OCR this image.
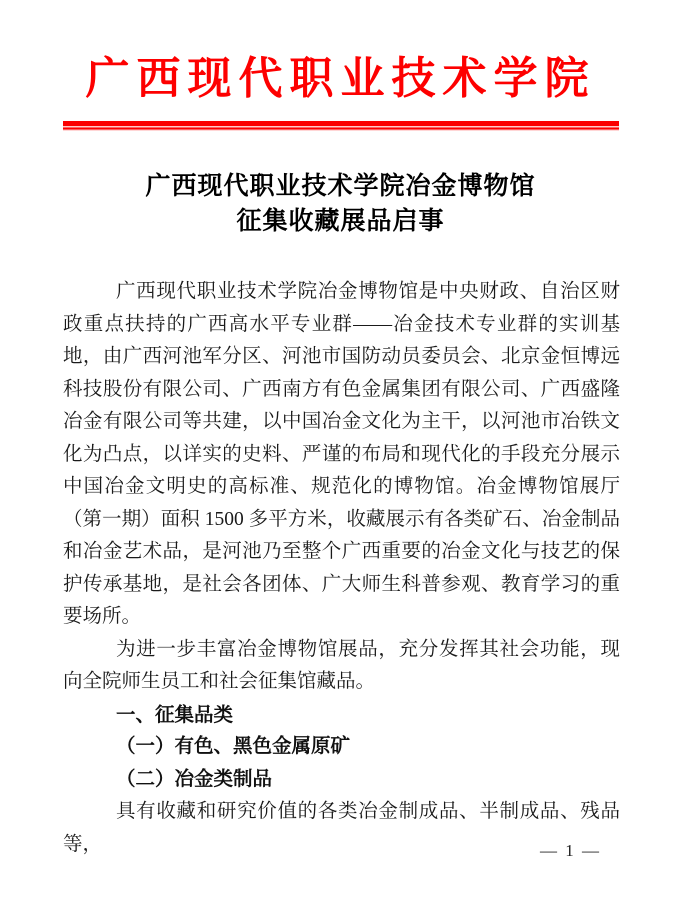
广西现代职业技术学院
广西现代职业技术学院冶金博物馆
征集收藏展品启事

广西现代职业技术学院冶金博物馆是中央财政、自治区财政重点扶持的广西高水平专业群——冶金技术专业群的实训基地，由广西河池军分区、河池市国防动员委员会、北京金恒博远科技股份有限公司、广西南方有色金属集团有限公司、广西盛隆冶金有限公司等共建，以中国冶金文化为主干，以河池市冶铁文化为凸点，以详实的史料、严谨的布局和现代化的手段充分展示中国冶金文明史的高标准、规范化的博物馆。冶金博物馆展厅（第一期）面积 1500 多平方米，收藏展示有各类矿石、冶金制品和冶金艺术品，是河池乃至整个广西重要的冶金文化与技艺的保护传承基地，是社会各团体、广大师生科普参观、教育学习的重要场所。

为进一步丰富冶金博物馆展品，充分发挥其社会功能，现向全院师生员工和社会征集馆藏品。

一、征集品类
（一）有色、黑色金属原矿
（二）冶金类制品

具有收藏和研究价值的各类冶金制成品、半制成品、残品等，	— 1 —
